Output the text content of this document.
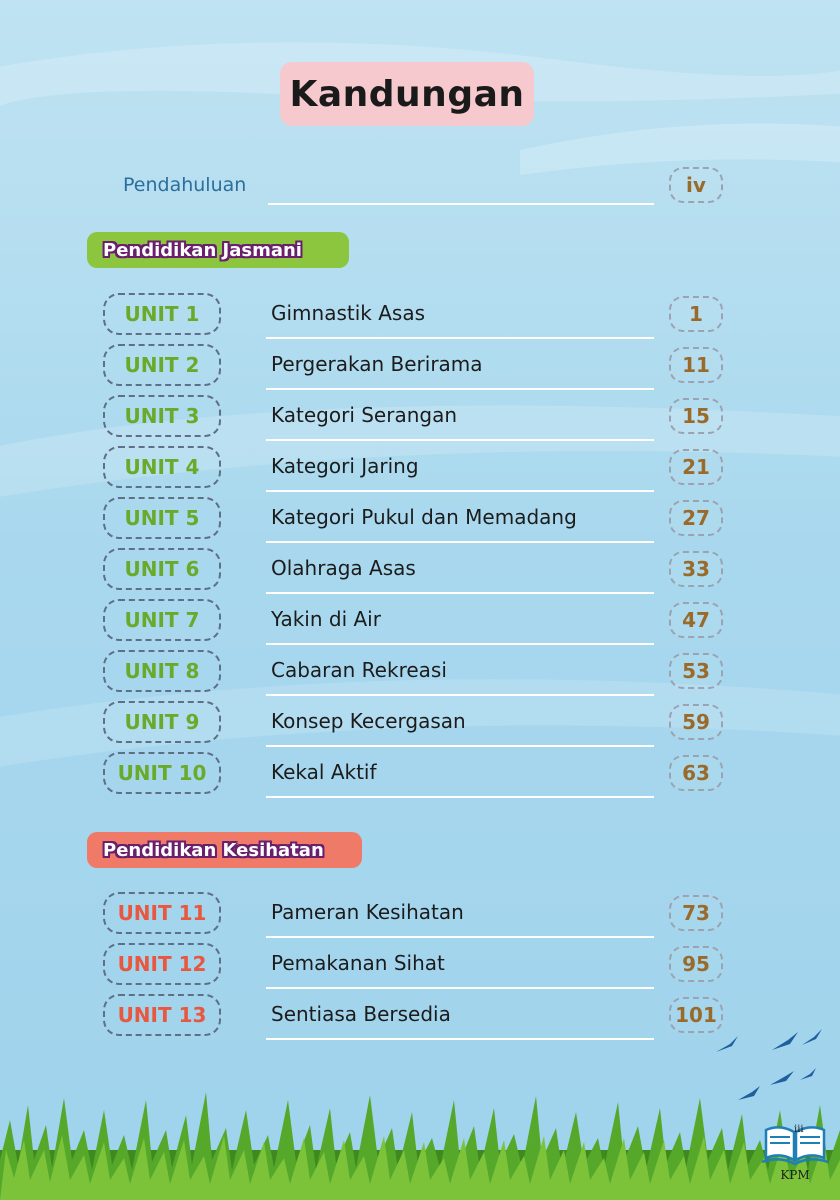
Kandungan
Pendahuluan	iv
Pendidikan Jasmani
UNIT 1	Gimnastik Asas	1
UNIT 2	Pergerakan Berirama	11
UNIT 3	Kategori Serangan	15
UNIT 4	Kategori Jaring	21
UNIT 5	Kategori Pukul dan Memadang	27
UNIT 6	Olahraga Asas	33
UNIT 7	Yakin di Air	47
UNIT 8	Cabaran Rekreasi	53
UNIT 9	Konsep Kecergasan	59
UNIT 10	Kekal Aktif	63
Pendidikan Kesihatan
UNIT 11	Pameran Kesihatan	73
UNIT 12	Pemakanan Sihat	95
UNIT 13	Sentiasa Bersedia	101
iii
KPM
